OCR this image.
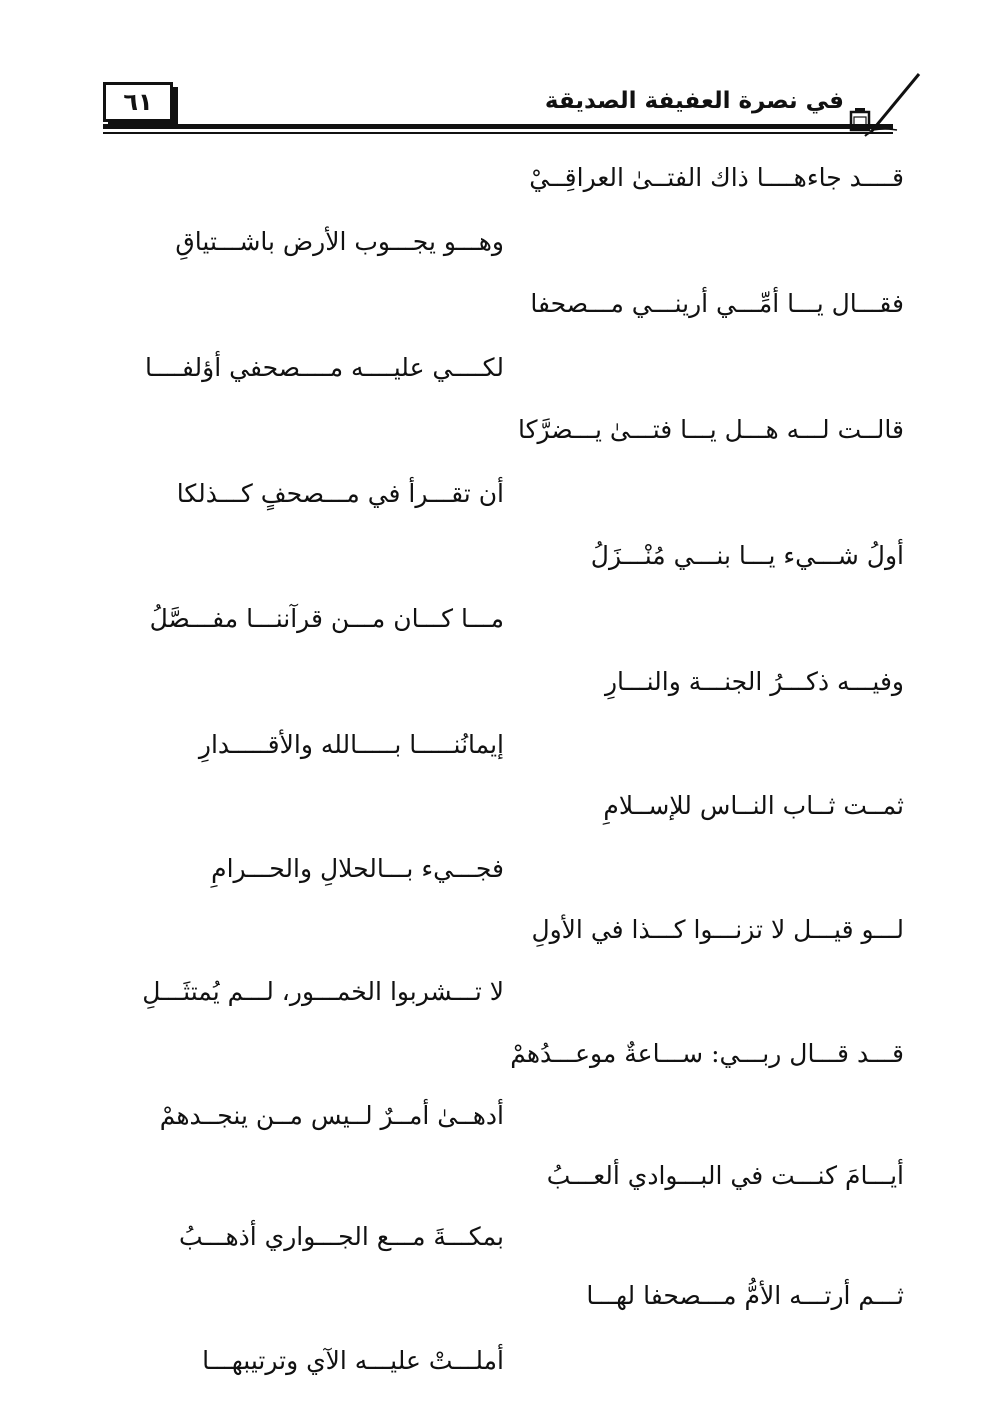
٦١	في نصرة العفيفة الصديقة
قــــد جاءهــــا ذاك الفتــىٰ العراقِــيْ
وهـــو يجـــوب الأرض باشـــتياقِ
فقـــال يـــا أمِّـــي أرينـــي مـــصحفا
لكــــي عليــــه مــــصحفي أؤلفــــا
قالــت لـــه هـــل يـــا فتـــىٰ يـــضرَّكا
أن تقـــرأ في مـــصحفٍ كـــذلكا
أولُ شـــيء يـــا بنـــي مُنْـــزَلُ
مـــا كـــان مـــن قرآننـــا مفـــصَّلُ
وفيـــه ذكـــرُ الجنـــة والنـــارِ
إيمانُنـــــا بـــــالله والأقـــــدارِ
ثمــت ثــاب النــاس للإســلامِ
فجـــيء بـــالحلالِ والحـــرامِ
لـــو قيـــل لا تزنـــوا كـــذا في الأولِ
لا تـــشربوا الخمـــور، لـــم يُمتثَـــلِ
قـــد قـــال ربـــي: ســـاعةٌ موعـــدُهمْ
أدهــىٰ أمــرٌ لــيس مــن ينجــدهمْ
أيـــامَ كنـــت في البـــوادي ألعـــبُ
بمكـــةَ مـــع الجـــواري أذهـــبُ
ثـــم أرتـــه الأمُّ مـــصحفا لهـــا
أملـــتْ عليـــه الآي وترتيبهـــا
